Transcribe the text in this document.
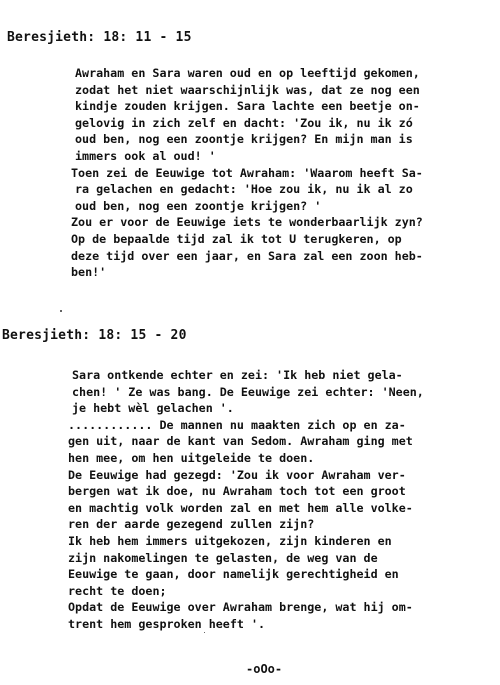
Beresjieth: 18: 11 - 15
Awraham en Sara waren oud en op leeftijd gekomen,
zodat het niet waarschijnlijk was, dat ze nog een
kindje zouden krijgen. Sara lachte een beetje on-
gelovig in zich zelf en dacht: 'Zou ik, nu ik zó
oud ben, nog een zoontje krijgen? En mijn man is
immers ook al oud! '
Toen zei de Eeuwige tot Awraham: 'Waarom heeft Sa-
ra gelachen en gedacht: 'Hoe zou ik, nu ik al zo
oud ben, nog een zoontje krijgen? '
Zou er voor de Eeuwige iets te wonderbaarlijk zyn?
Op de bepaalde tijd zal ik tot U terugkeren, op
deze tijd over een jaar, en Sara zal een zoon heb-
ben!'
Beresjieth: 18: 15 - 20
Sara ontkende echter en zei: 'Ik heb niet gela-
chen! ' Ze was bang. De Eeuwige zei echter: 'Neen,
je hebt wèl gelachen '.
............ De mannen nu maakten zich op en za-
gen uit, naar de kant van Sedom. Awraham ging met
hen mee, om hen uitgeleide te doen.
De Eeuwige had gezegd: 'Zou ik voor Awraham ver-
bergen wat ik doe, nu Awraham toch tot een groot
en machtig volk worden zal en met hem alle volke-
ren der aarde gezegend zullen zijn?
Ik heb hem immers uitgekozen, zijn kinderen en
zijn nakomelingen te gelasten, de weg van de
Eeuwige te gaan, door namelijk gerechtigheid en
recht te doen;
Opdat de Eeuwige over Awraham brenge, wat hij om-
trent hem gesproken heeft '.
-oOo-
